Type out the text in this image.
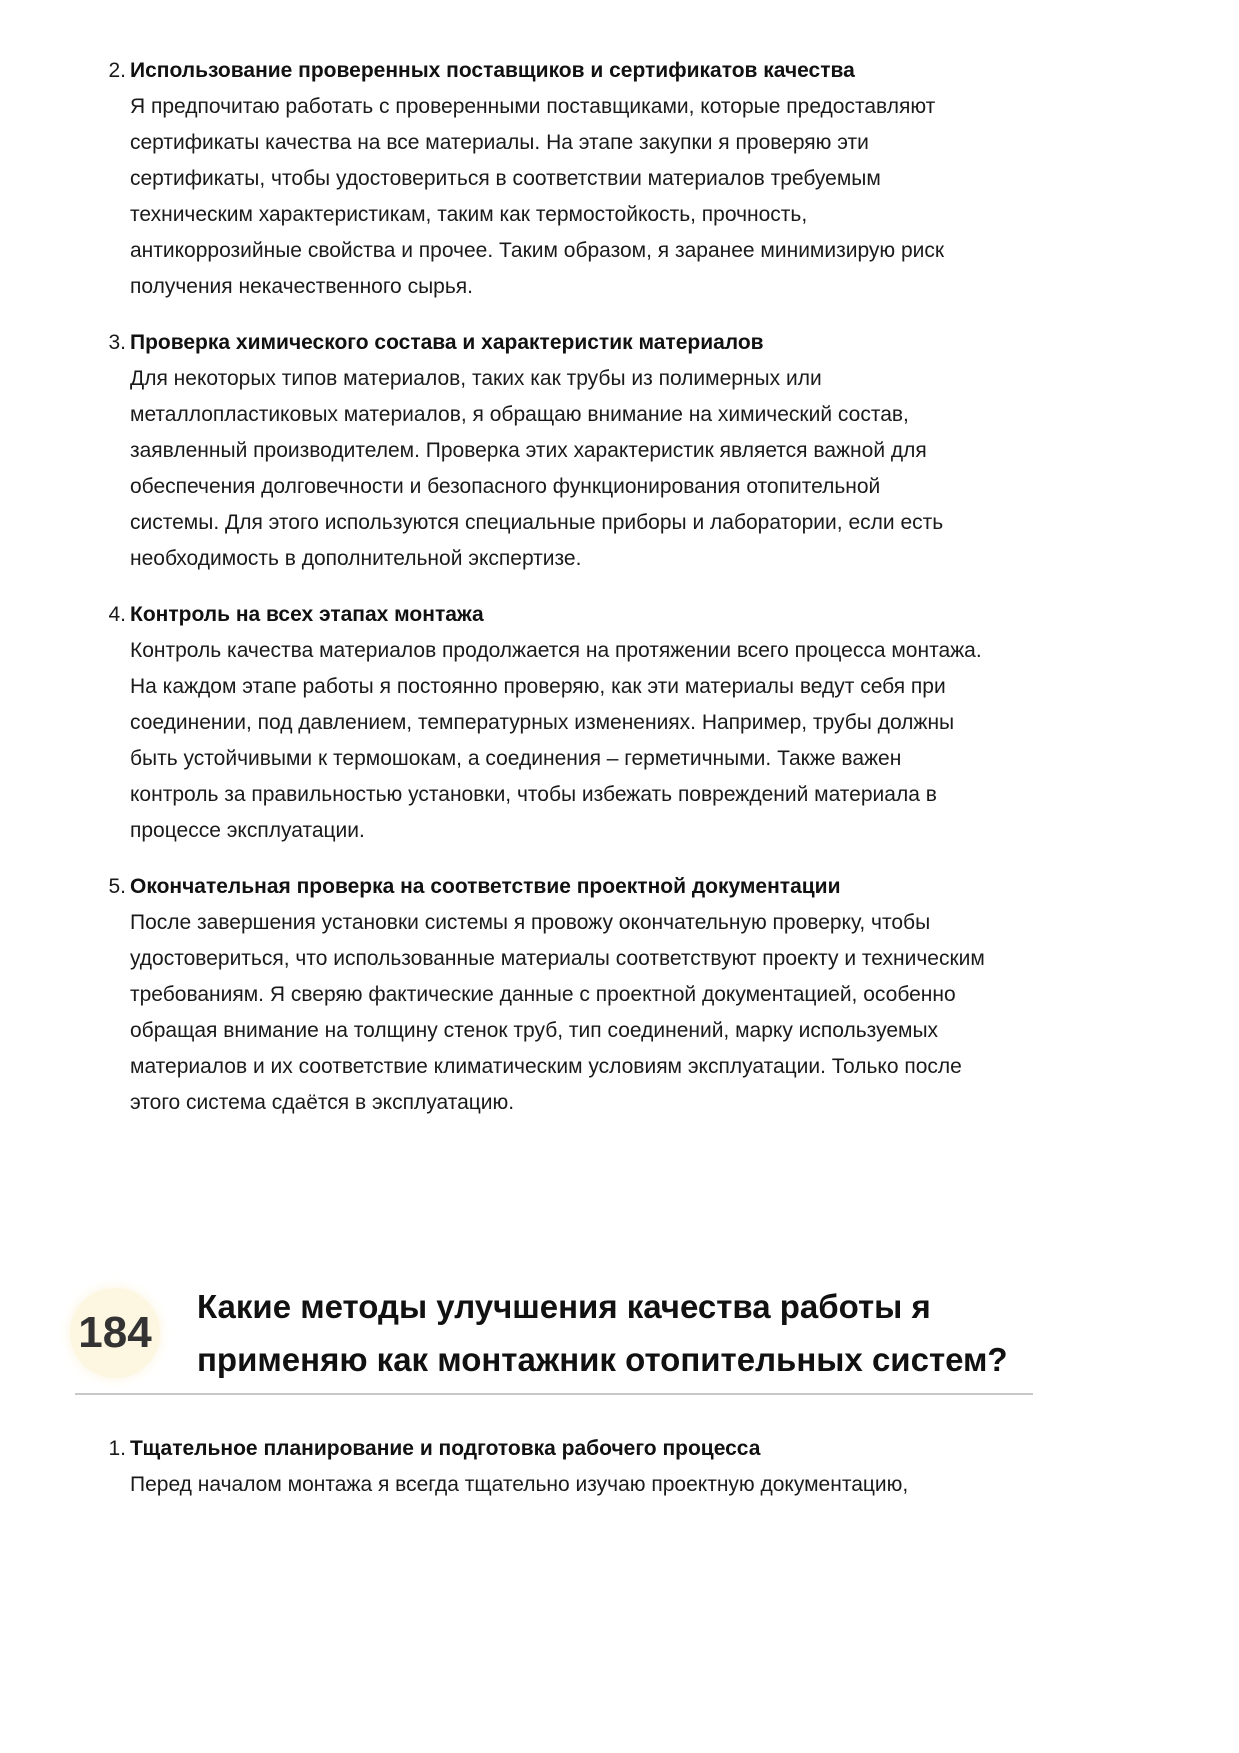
2. Использование проверенных поставщиков и сертификатов качества
Я предпочитаю работать с проверенными поставщиками, которые предоставляют
сертификаты качества на все материалы. На этапе закупки я проверяю эти
сертификаты, чтобы удостовериться в соответствии материалов требуемым
техническим характеристикам, таким как термостойкость, прочность,
антикоррозийные свойства и прочее. Таким образом, я заранее минимизирую риск
получения некачественного сырья.
3. Проверка химического состава и характеристик материалов
Для некоторых типов материалов, таких как трубы из полимерных или
металлопластиковых материалов, я обращаю внимание на химический состав,
заявленный производителем. Проверка этих характеристик является важной для
обеспечения долговечности и безопасного функционирования отопительной
системы. Для этого используются специальные приборы и лаборатории, если есть
необходимость в дополнительной экспертизе.
4. Контроль на всех этапах монтажа
Контроль качества материалов продолжается на протяжении всего процесса монтажа.
На каждом этапе работы я постоянно проверяю, как эти материалы ведут себя при
соединении, под давлением, температурных изменениях. Например, трубы должны
быть устойчивыми к термошокам, а соединения – герметичными. Также важен
контроль за правильностью установки, чтобы избежать повреждений материала в
процессе эксплуатации.
5. Окончательная проверка на соответствие проектной документации
После завершения установки системы я провожу окончательную проверку, чтобы
удостовериться, что использованные материалы соответствуют проекту и техническим
требованиям. Я сверяю фактические данные с проектной документацией, особенно
обращая внимание на толщину стенок труб, тип соединений, марку используемых
материалов и их соответствие климатическим условиям эксплуатации. Только после
этого система сдаётся в эксплуатацию.
184
Какие методы улучшения качества работы я
применяю как монтажник отопительных систем?
1. Тщательное планирование и подготовка рабочего процесса
Перед началом монтажа я всегда тщательно изучаю проектную документацию,
